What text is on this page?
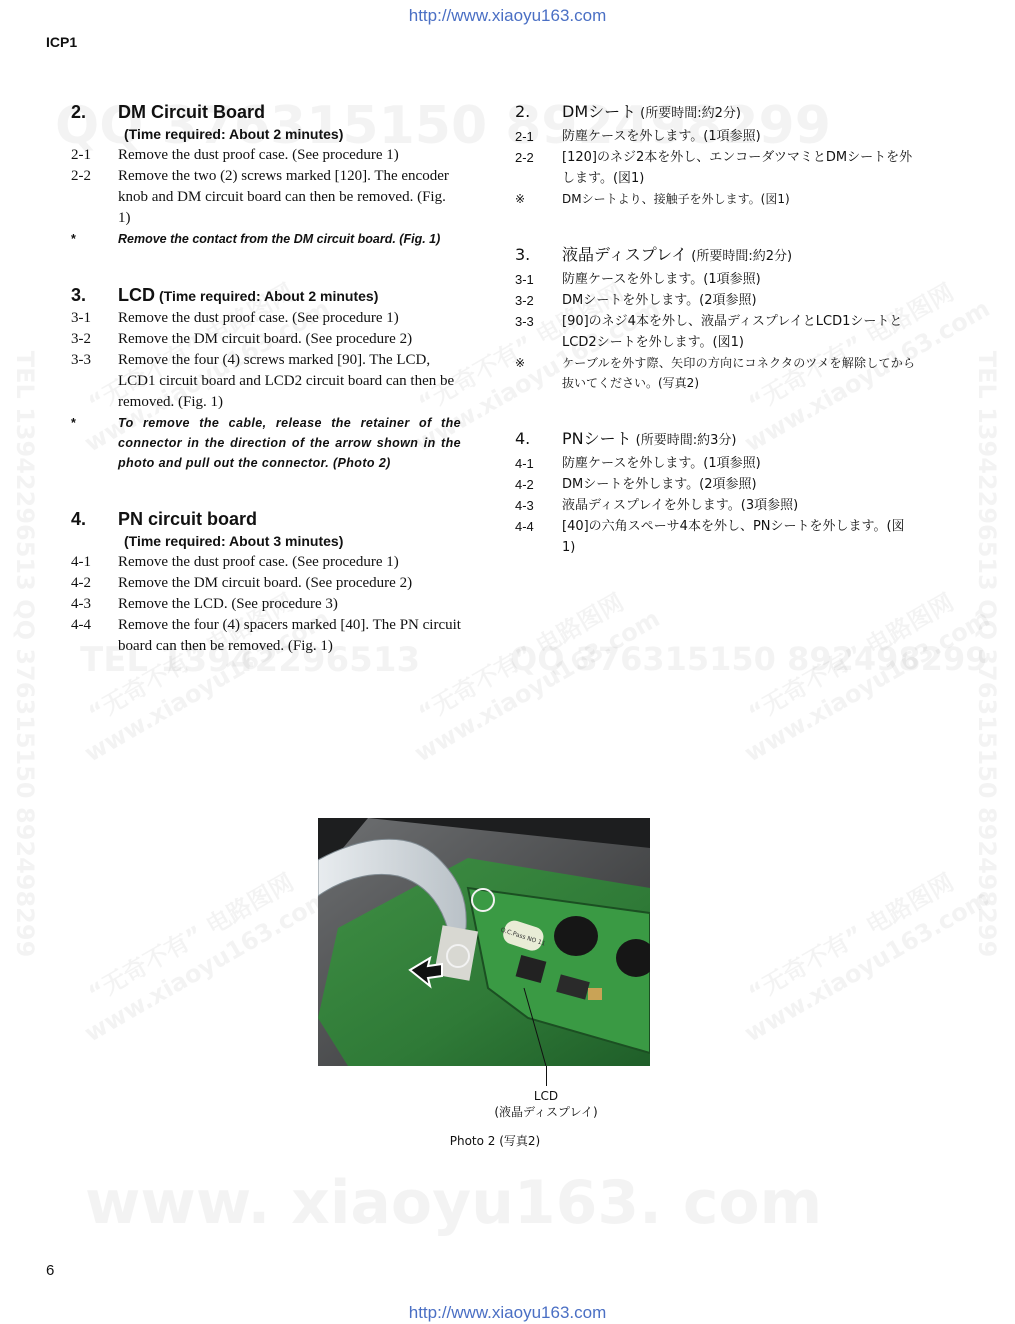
http://www.xiaoyu163.com
ICP1
2.	DM Circuit Board
(Time required: About 2 minutes)
2-1	Remove the dust proof case. (See procedure 1)
2-2	Remove the two (2) screws marked [120]. The encoder knob and DM circuit board can then be removed. (Fig. 1)
*	Remove the contact from the DM circuit board. (Fig. 1)
3.	LCD (Time required: About 2 minutes)
3-1	Remove the dust proof case. (See procedure 1)
3-2	Remove the DM circuit board. (See procedure 2)
3-3	Remove the four (4) screws marked [90]. The LCD, LCD1 circuit board and LCD2 circuit board can then be removed. (Fig. 1)
*	To remove the cable, release the retainer of the connector in the direction of the arrow shown in the photo and pull out the connector. (Photo 2)
4.	PN circuit board
(Time required: About 3 minutes)
4-1	Remove the dust proof case. (See procedure 1)
4-2	Remove the DM circuit board. (See procedure 2)
4-3	Remove the LCD. (See procedure 3)
4-4	Remove the four (4) spacers marked [40]. The PN circuit board can then be removed. (Fig. 1)
2.	DMシート (所要時間:約2分)
2-1	防塵ケースを外します。(1項参照)
2-2	[120]のネジ2本を外し、エンコーダツマミとDMシートを外します。(図1)
※	DMシートより、接触子を外します。(図1)
3.	液晶ディスプレイ (所要時間:約2分)
3-1	防塵ケースを外します。(1項参照)
3-2	DMシートを外します。(2項参照)
3-3	[90]のネジ4本を外し、液晶ディスプレイとLCD1シートとLCD2シートを外します。(図1)
※	ケーブルを外す際、矢印の方向にコネクタのツメを解除してから抜いてください。(写真2)
4.	PNシート (所要時間:約3分)
4-1	防塵ケースを外します。(1項参照)
4-2	DMシートを外します。(2項参照)
4-3	液晶ディスプレイを外します。(3項参照)
4-4	[40]の六角スペーサ4本を外し、PNシートを外します。(図1)
Q.C.Pass NO 11
LCD
(液晶ディスプレイ)
Photo 2 (写真2)
6
http://www.xiaoyu163.com
